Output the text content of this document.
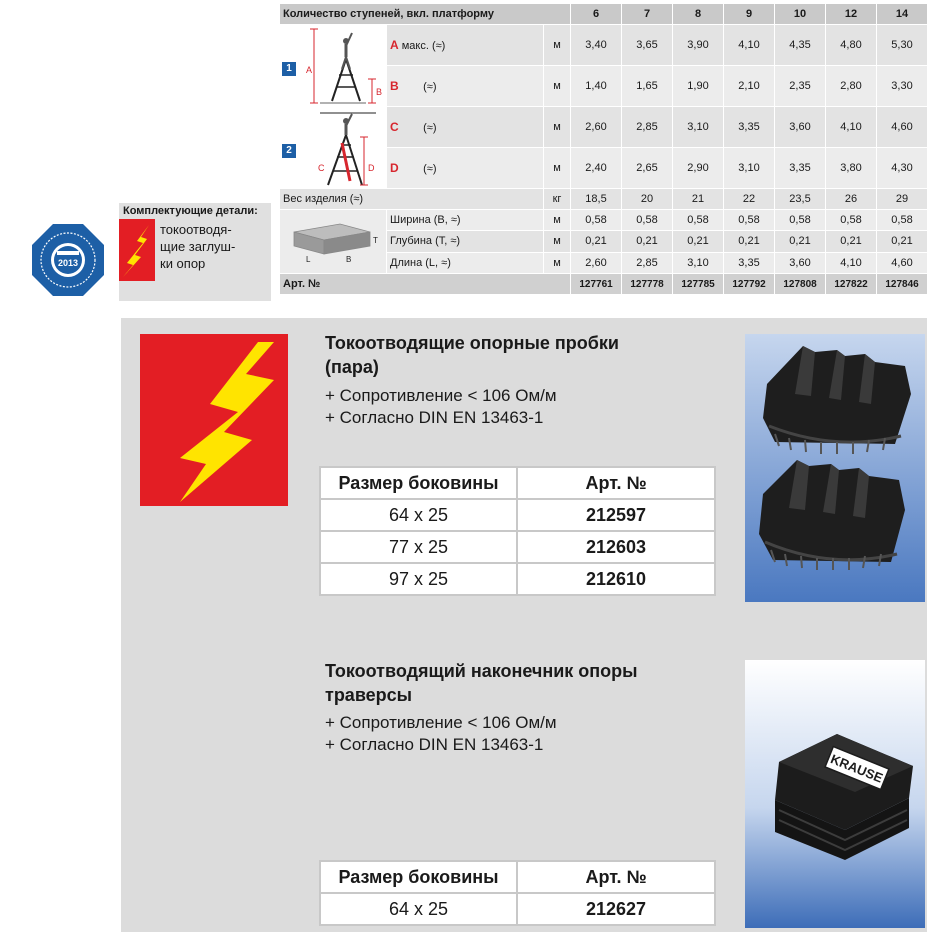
Количество ступеней, вкл. платформу			6	7	8	9	10	12	14

1 A
B	A макс. (≈)	м	3,40	3,65	3,90	4,10	4,35	4,80	5,30
	B (≈)	м	1,40	1,65	1,90	2,10	2,35	2,80	3,30

2
C D	C (≈)	м	2,60	2,85	3,10	3,35	3,60	4,10	4,60
	D (≈)	м	2,40	2,65	2,90	3,10	3,35	3,80	4,30
Вес изделия (≈)		кг	18,5	20	21	22	23,5	26	29

T
L B	Ширина (B, ≈)	м	0,58	0,58	0,58	0,58	0,58	0,58	0,58
	Глубина (T, ≈)	м	0,21	0,21	0,21	0,21	0,21	0,21	0,21
	Длина (L, ≈)	м	2,60	2,85	3,10	3,35	3,60	4,10	4,60
Арт. №			127761	127778	127785	127792	127808	127822	127846
2013
Комплектующие детали:
токоотводя-
щие заглуш-
ки опор
Токоотводящие опорные пробки
(пара)
+ Сопротивление < 106 Ом/м
+ Согласно DIN EN 13463-1
Размер боковины	Арт. №
64 x 25	212597
77 x 25	212603
97 x 25	212610
Токоотводящий наконечник опоры
траверсы
+ Сопротивление < 106 Ом/м
+ Согласно DIN EN 13463-1
Размер боковины	Арт. №
64 x 25	212627
KRAUSE
